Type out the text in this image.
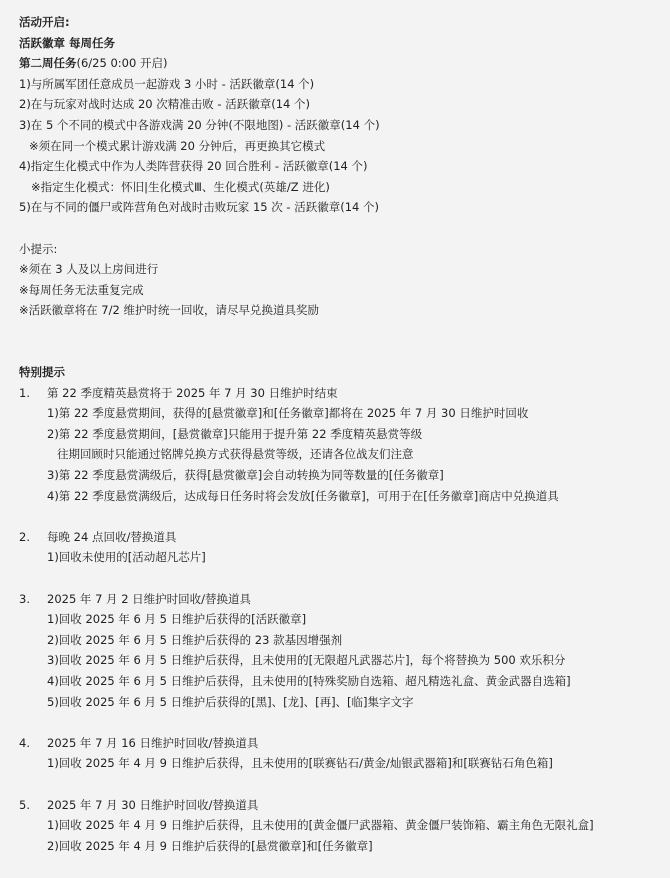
活动开启:
活跃徽章 每周任务
第二周任务(6/25 0:00 开启)
1)与所属军团任意成员一起游戏 3 小时 - 活跃徽章(14 个)
2)在与玩家对战时达成 20 次精准击败 - 活跃徽章(14 个)
3)在 5 个不同的模式中各游戏满 20 分钟(不限地图) - 活跃徽章(14 个)
※须在同一个模式累计游戏满 20 分钟后，再更换其它模式
4)指定生化模式中作为人类阵营获得 20 回合胜利 - 活跃徽章(14 个)
※指定生化模式：怀旧|生化模式Ⅲ、生化模式(英雄/Z 进化)
5)在与不同的僵尸或阵营角色对战时击败玩家 15 次 - 活跃徽章(14 个)
小提示:
※须在 3 人及以上房间进行
※每周任务无法重复完成
※活跃徽章将在 7/2 维护时统一回收，请尽早兑换道具奖励
特别提示
1.	第 22 季度精英悬赏将于 2025 年 7 月 30 日维护时结束
1)第 22 季度悬赏期间，获得的[悬赏徽章]和[任务徽章]都将在 2025 年 7 月 30 日维护时回收
2)第 22 季度悬赏期间，[悬赏徽章]只能用于提升第 22 季度精英悬赏等级
往期回顾时只能通过铭牌兑换方式获得悬赏等级，还请各位战友们注意
3)第 22 季度悬赏满级后，获得[悬赏徽章]会自动转换为同等数量的[任务徽章]
4)第 22 季度悬赏满级后，达成每日任务时将会发放[任务徽章]，可用于在[任务徽章]商店中兑换道具
2.	每晚 24 点回收/替换道具
1)回收未使用的[活动超凡芯片]
3.	2025 年 7 月 2 日维护时回收/替换道具
1)回收 2025 年 6 月 5 日维护后获得的[活跃徽章]
2)回收 2025 年 6 月 5 日维护后获得的 23 款基因增强剂
3)回收 2025 年 6 月 5 日维护后获得，且未使用的[无限超凡武器芯片]，每个将替换为 500 欢乐积分
4)回收 2025 年 6 月 5 日维护后获得，且未使用的[特殊奖励自选箱、超凡精选礼盒、黄金武器自选箱]
5)回收 2025 年 6 月 5 日维护后获得的[黑]、[龙]、[再]、[临]集字文字
4.	2025 年 7 月 16 日维护时回收/替换道具
1)回收 2025 年 4 月 9 日维护后获得，且未使用的[联赛钻石/黄金/灿银武器箱]和[联赛钻石角色箱]
5.	2025 年 7 月 30 日维护时回收/替换道具
1)回收 2025 年 4 月 9 日维护后获得，且未使用的[黄金僵尸武器箱、黄金僵尸装饰箱、霸主角色无限礼盒]
2)回收 2025 年 4 月 9 日维护后获得的[悬赏徽章]和[任务徽章]
